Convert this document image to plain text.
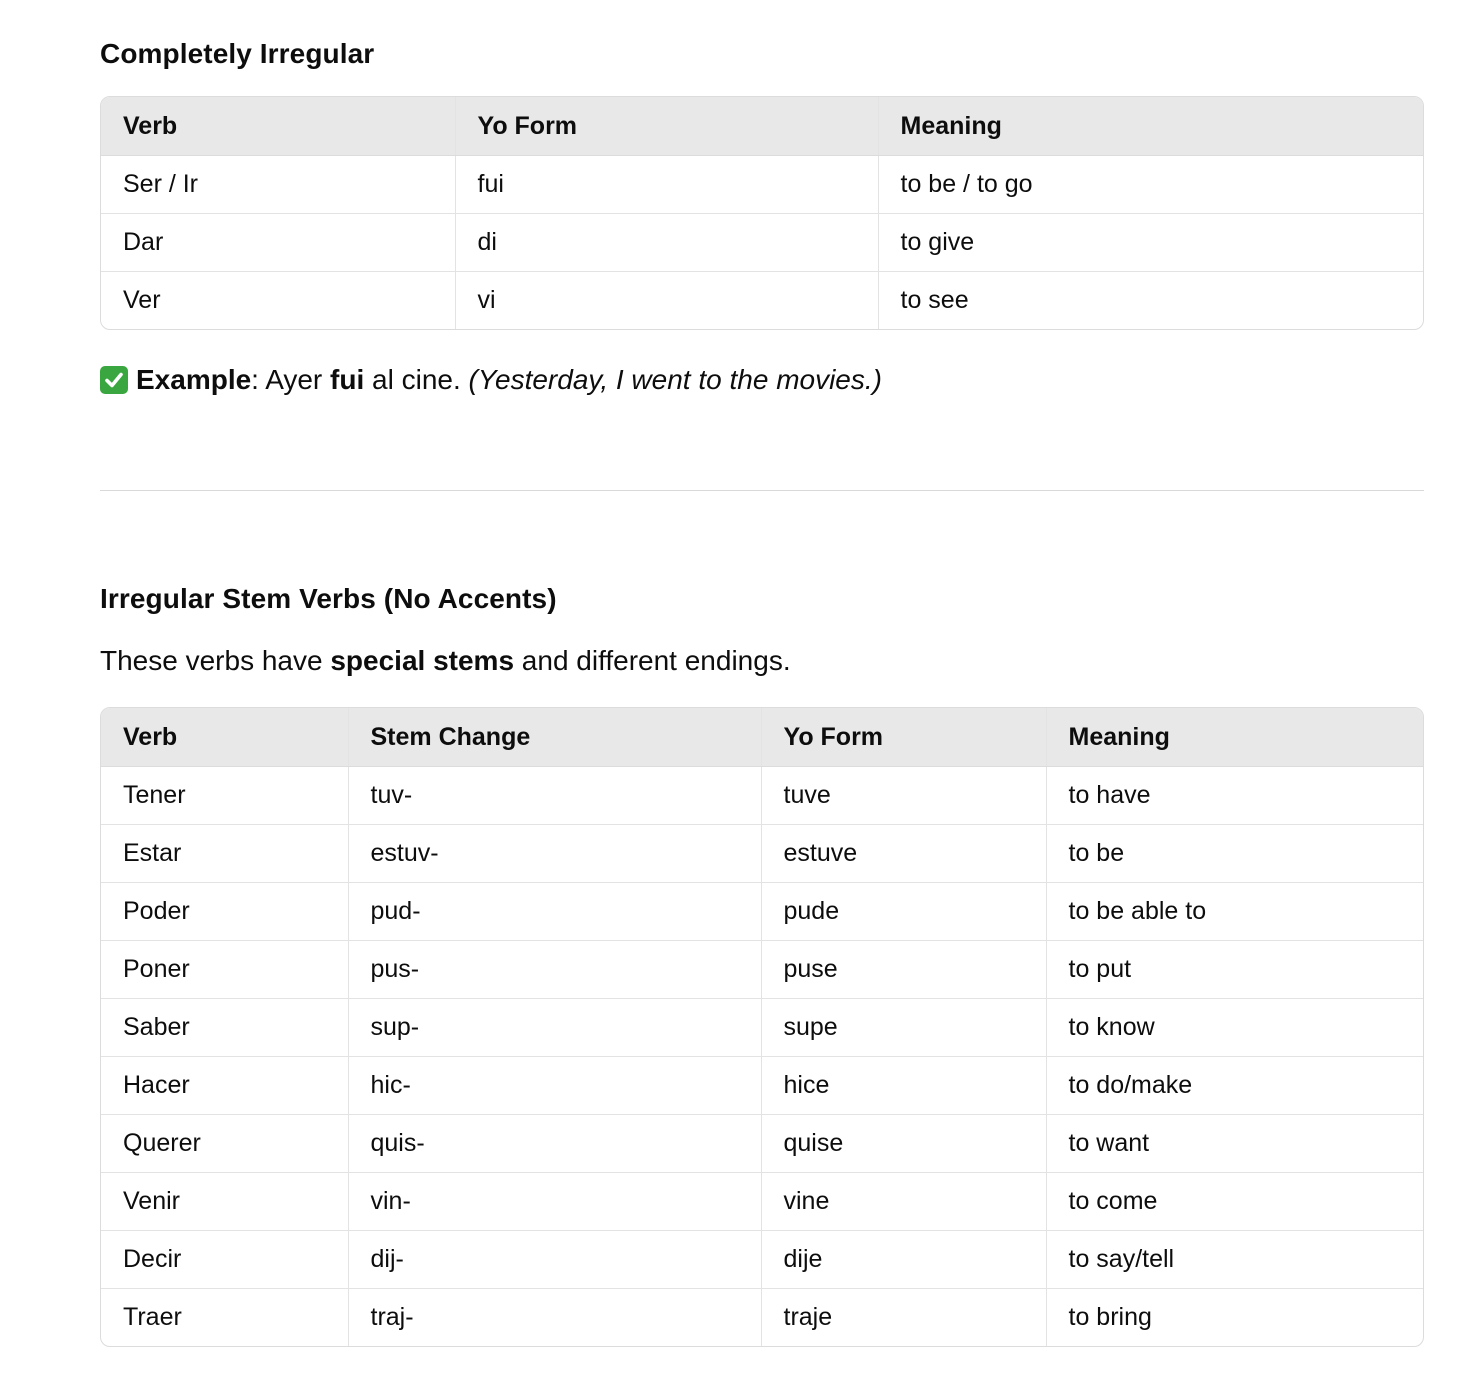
Completely Irregular
Verb	Yo Form	Meaning
Ser / Ir	fui	to be / to go
Dar	di	to give
Ver	vi	to see

Example : Ayer fui al cine. (Yesterday, I went to the movies.)
Irregular Stem Verbs (No Accents)
These verbs have special stems and different endings.
Verb	Stem Change	Yo Form	Meaning
Tener	tuv-	tuve	to have
Estar	estuv-	estuve	to be
Poder	pud-	pude	to be able to
Poner	pus-	puse	to put
Saber	sup-	supe	to know
Hacer	hic-	hice	to do/make
Querer	quis-	quise	to want
Venir	vin-	vine	to come
Decir	dij-	dije	to say/tell
Traer	traj-	traje	to bring
